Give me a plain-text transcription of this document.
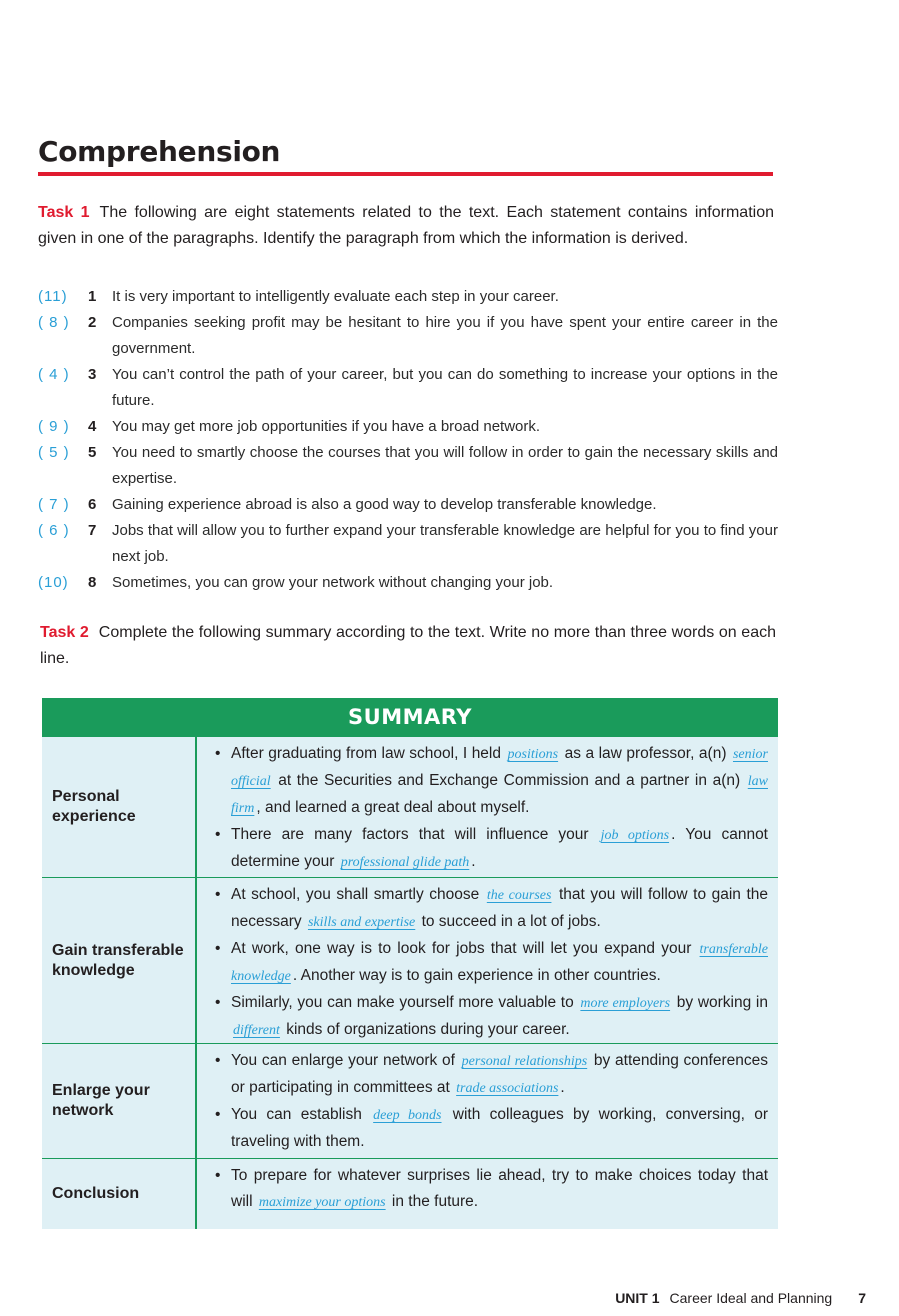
Comprehension
Task 1 The following are eight statements related to the text. Each statement contains information given in one of the paragraphs. Identify the paragraph from which the information is derived.
(11)	1	It is very important to intelligently evaluate each step in your career.
( 8 )	2	Companies seeking profit may be hesitant to hire you if you have spent your entire career in the government.
( 4 )	3	You can’t control the path of your career, but you can do something to increase your options in the future.
( 9 )	4	You may get more job opportunities if you have a broad network.
( 5 )	5	You need to smartly choose the courses that you will follow in order to gain the necessary skills and expertise.
( 7 )	6	Gaining experience abroad is also a good way to develop transferable knowledge.
( 6 )	7	Jobs that will allow you to further expand your transferable knowledge are helpful for you to find your next job.
(10)	8	Sometimes, you can grow your network without changing your job.
Task 2 Complete the following summary according to the text. Write no more than three words on each line.
SUMMARY
Personal experience
• After graduating from law school, I held positions as a law professor, a(n) senior official at the Securities and Exchange Commission and a partner in a(n) law firm , and learned a great deal about myself.
• There are many factors that will influence your job options . You cannot determine your professional glide path .
Gain transferable knowledge
• At school, you shall smartly choose the courses that you will follow to gain the necessary skills and expertise to succeed in a lot of jobs.
• At work, one way is to look for jobs that will let you expand your transferable knowledge . Another way is to gain experience in other countries.
• Similarly, you can make yourself more valuable to more employers by working in different kinds of organizations during your career.
Enlarge your network
• You can enlarge your network of personal relationships by attending conferences or participating in committees at trade associations .
• You can establish deep bonds with colleagues by working, conversing, or traveling with them.
Conclusion
• To prepare for whatever surprises lie ahead, try to make choices today that will maximize your options in the future.
UNIT 1 Career Ideal and Planning 7
